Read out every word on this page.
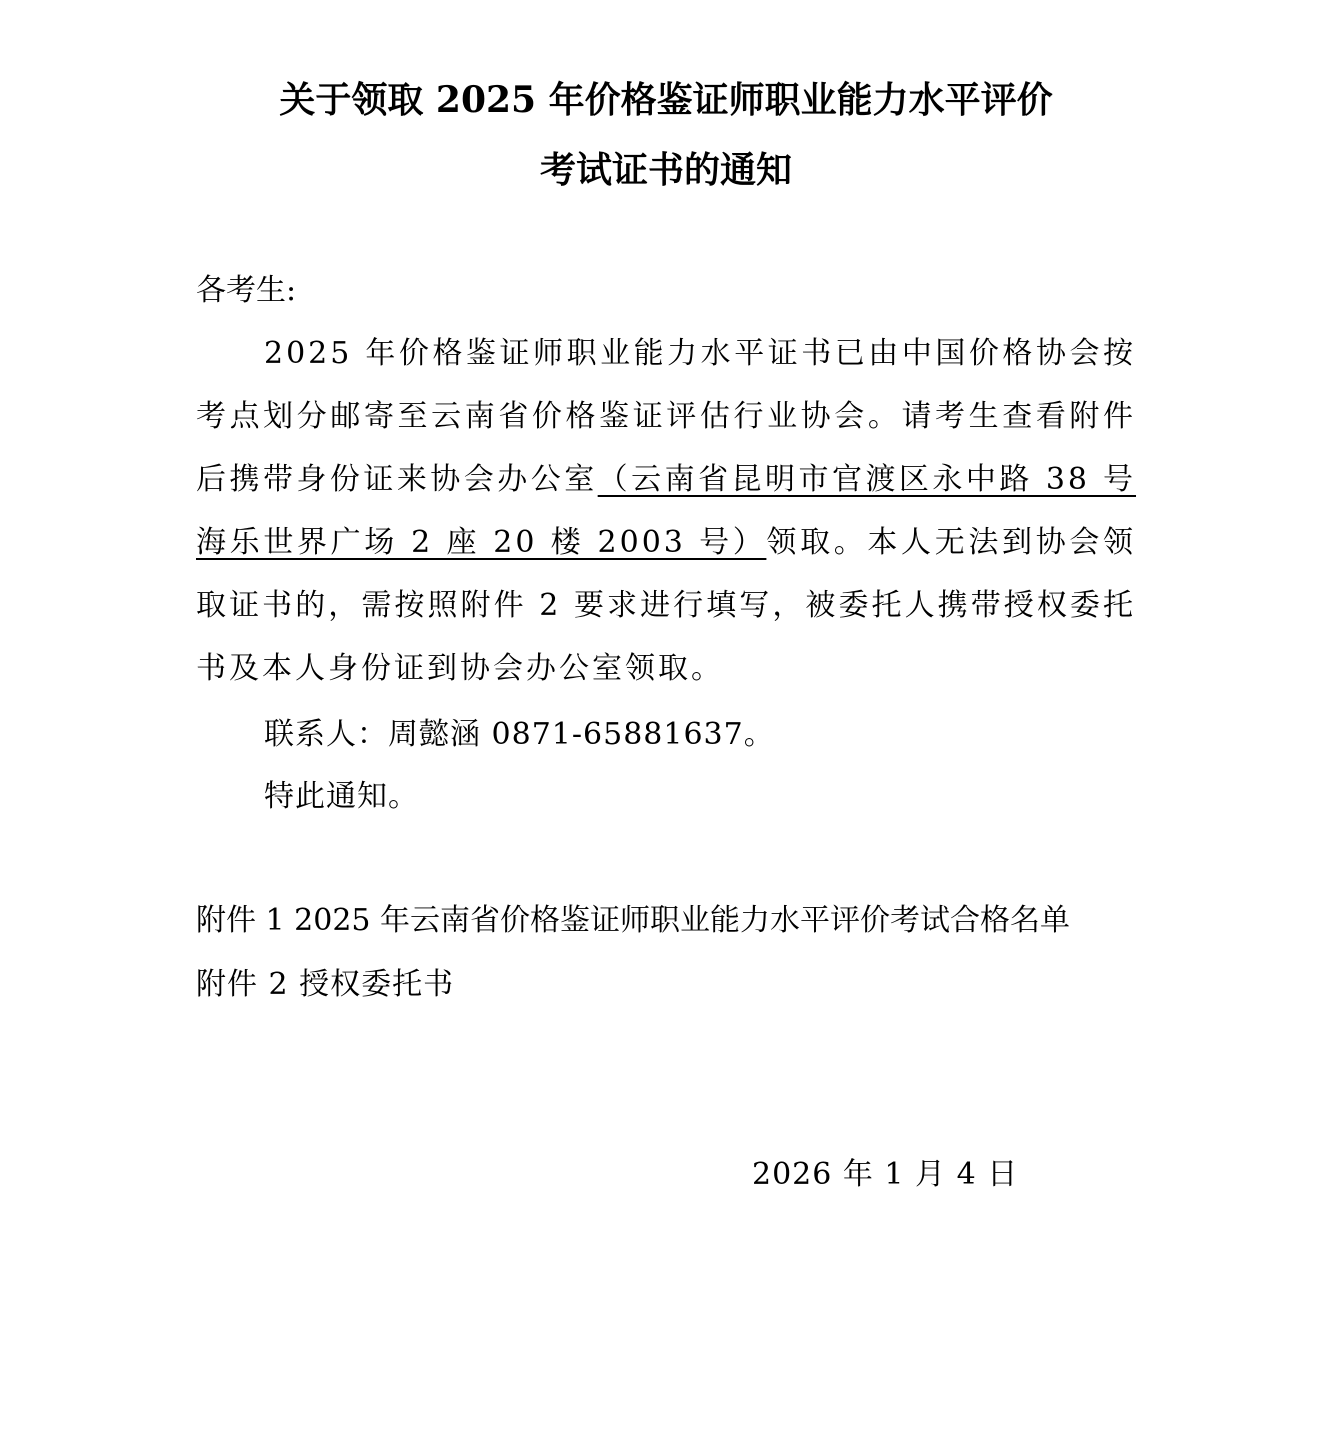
关于领取 2025 年价格鉴证师职业能力水平评价
考试证书的通知
各考生:
2025 年价格鉴证师职业能力水平证书已由中国价格协会按考点划分邮寄至云南省价格鉴证评估行业协会。请考生查看附件后携带身份证来协会办公室（云南省昆明市官渡区永中路 38 号海乐世界广场 2 座 20 楼 2003 号）领取。本人无法到协会领取证书的，需按照附件 2 要求进行填写，被委托人携带授权委托书及本人身份证到协会办公室领取。
联系人：周懿涵 0871-65881637。
特此通知。
附件 1 2025 年云南省价格鉴证师职业能力水平评价考试合格名单
附件 2 授权委托书
2026 年 1 月 4 日
